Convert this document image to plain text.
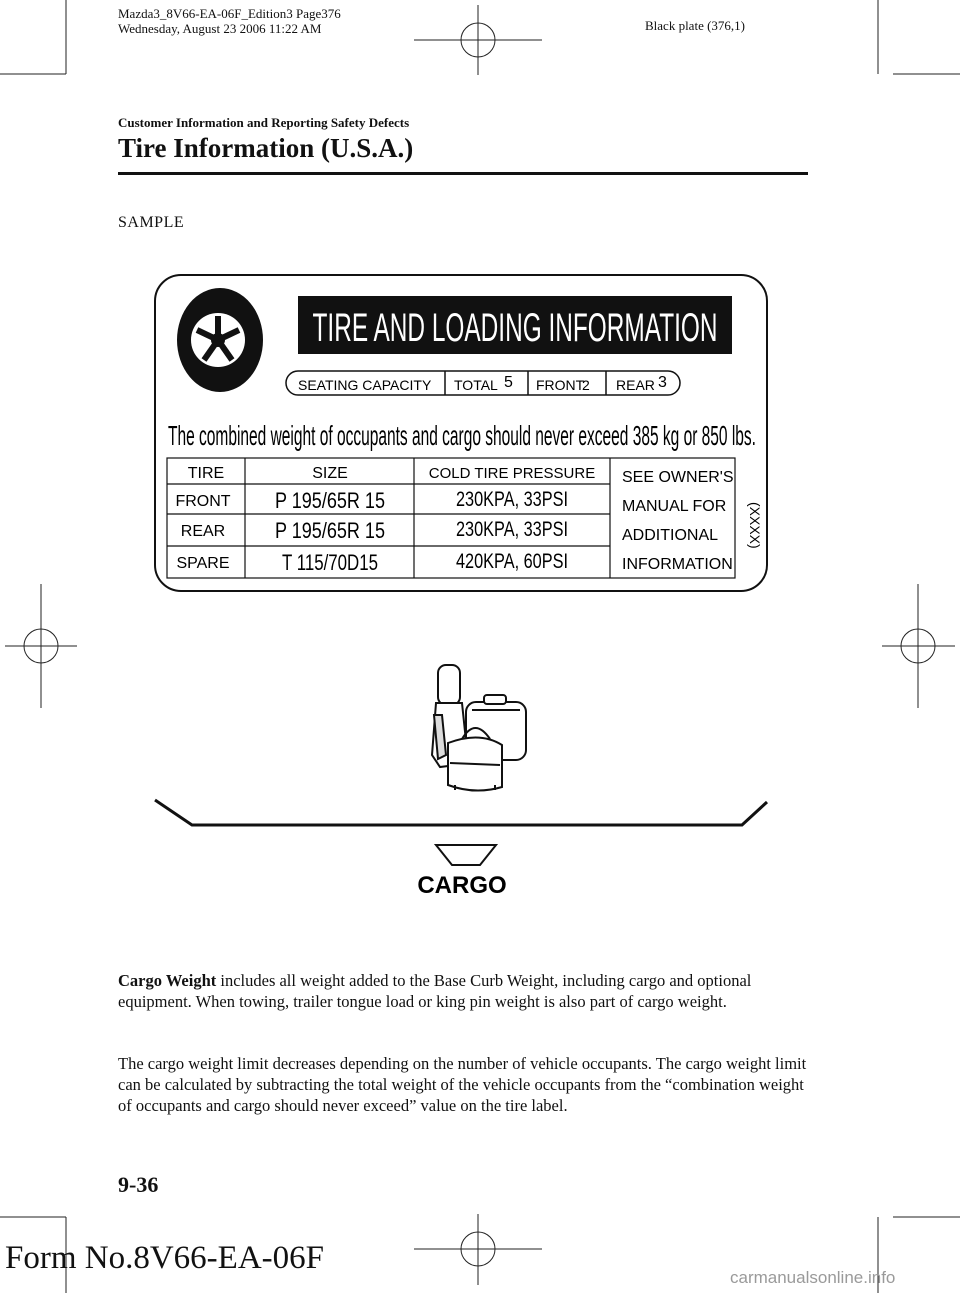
Mazda3_8V66-EA-06F_Edition3 Page376
Wednesday, August 23 2006 11:22 AM	Black plate (376,1)
Customer Information and Reporting Safety Defects
Tire Information (U.S.A.)
SAMPLE
TIRE AND LOADING INFORMATION
SEATING CAPACITY TOTAL 5 FRONT
2 REAR 3
The combined weight of occupants and cargo should never exceed 385 kg or 850 lbs.
TIRE	SIZE	COLD TIRE PRESSURE
FRONT P 195/65R 15	230KPA, 33PSI
REAR P 195/65R 15	230KPA, 33PSI
SPARE T 115/70D15	420KPA, 60PSI
SEE OWNER'S
MANUAL FOR
ADDITIONAL
INFORMATION
(XXXX)
CARGO
Cargo Weight includes all weight added to the Base Curb Weight, including cargo and optional equipment. When towing, trailer tongue load or king pin weight is also part of cargo weight.
The cargo weight limit decreases depending on the number of vehicle occupants. The cargo weight limit can be calculated by subtracting the total weight of the vehicle occupants from the “combination weight of occupants and cargo should never exceed” value on the tire label.
9-36
Form No.8V66-EA-06F
carmanualsonline.info
